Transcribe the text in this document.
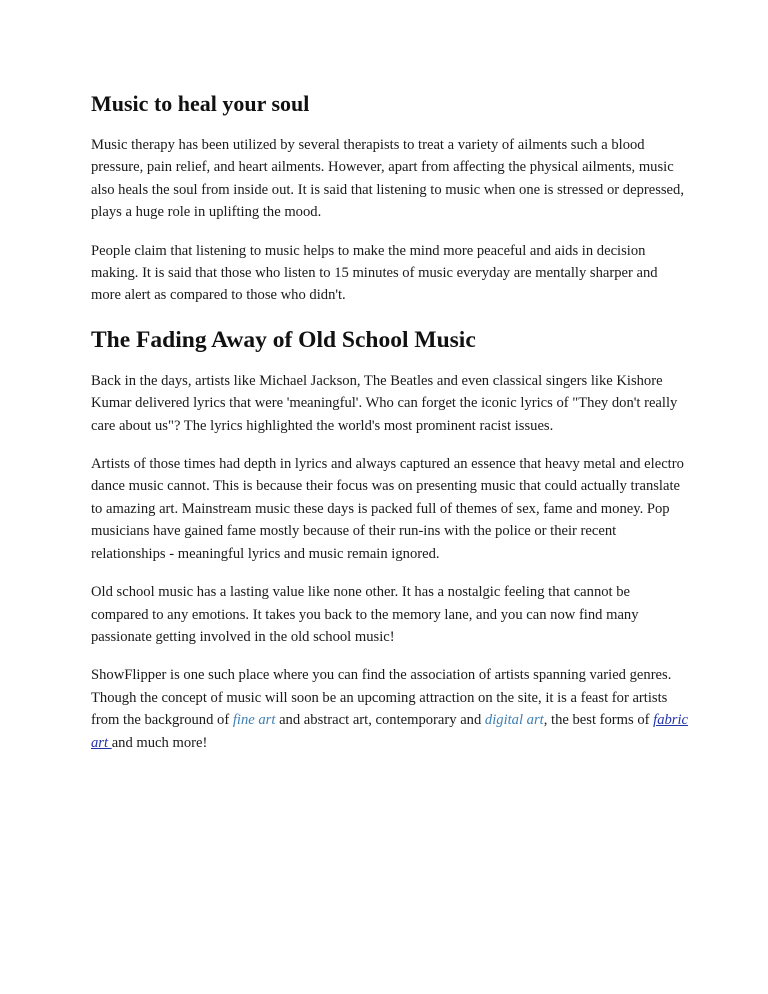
Music to heal your soul

Music therapy has been utilized by several therapists to treat a variety of ailments such a blood pressure, pain relief, and heart ailments. However, apart from affecting the physical ailments, music also heals the soul from inside out. It is said that listening to music when one is stressed or depressed, plays a huge role in uplifting the mood.

People claim that listening to music helps to make the mind more peaceful and aids in decision making. It is said that those who listen to 15 minutes of music everyday are mentally sharper and more alert as compared to those who didn't.

The Fading Away of Old School Music

Back in the days, artists like Michael Jackson, The Beatles and even classical singers like Kishore Kumar delivered lyrics that were 'meaningful'. Who can forget the iconic lyrics of "They don't really care about us"? The lyrics highlighted the world's most prominent racist issues.

Artists of those times had depth in lyrics and always captured an essence that heavy metal and electro dance music cannot. This is because their focus was on presenting music that could actually translate to amazing art. Mainstream music these days is packed full of themes of sex, fame and money. Pop musicians have gained fame mostly because of their run-ins with the police or their recent relationships - meaningful lyrics and music remain ignored.

Old school music has a lasting value like none other. It has a nostalgic feeling that cannot be compared to any emotions. It takes you back to the memory lane, and you can now find many passionate getting involved in the old school music!

ShowFlipper is one such place where you can find the association of artists spanning varied genres. Though the concept of music will soon be an upcoming attraction on the site, it is a feast for artists from the background of fine art and abstract art, contemporary and digital art, the best forms of fabric art and much more!
